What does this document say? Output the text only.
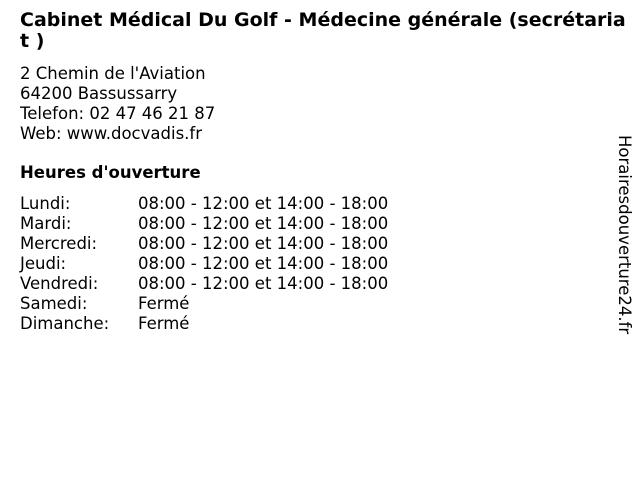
Cabinet Médical Du Golf - Médecine générale (secrétariat )
2 Chemin de l'Aviation
64200 Bassussarry
Telefon: 02 47 46 21 87
Web: www.docvadis.fr
Heures d'ouverture
Lundi:	08:00 - 12:00 et 14:00 - 18:00
Mardi:	08:00 - 12:00 et 14:00 - 18:00
Mercredi: 08:00 - 12:00 et 14:00 - 18:00
Jeudi:	08:00 - 12:00 et 14:00 - 18:00
Vendredi: 08:00 - 12:00 et 14:00 - 18:00
Samedi:	Fermé
Dimanche: Fermé	Horairesdouverture24.fr
